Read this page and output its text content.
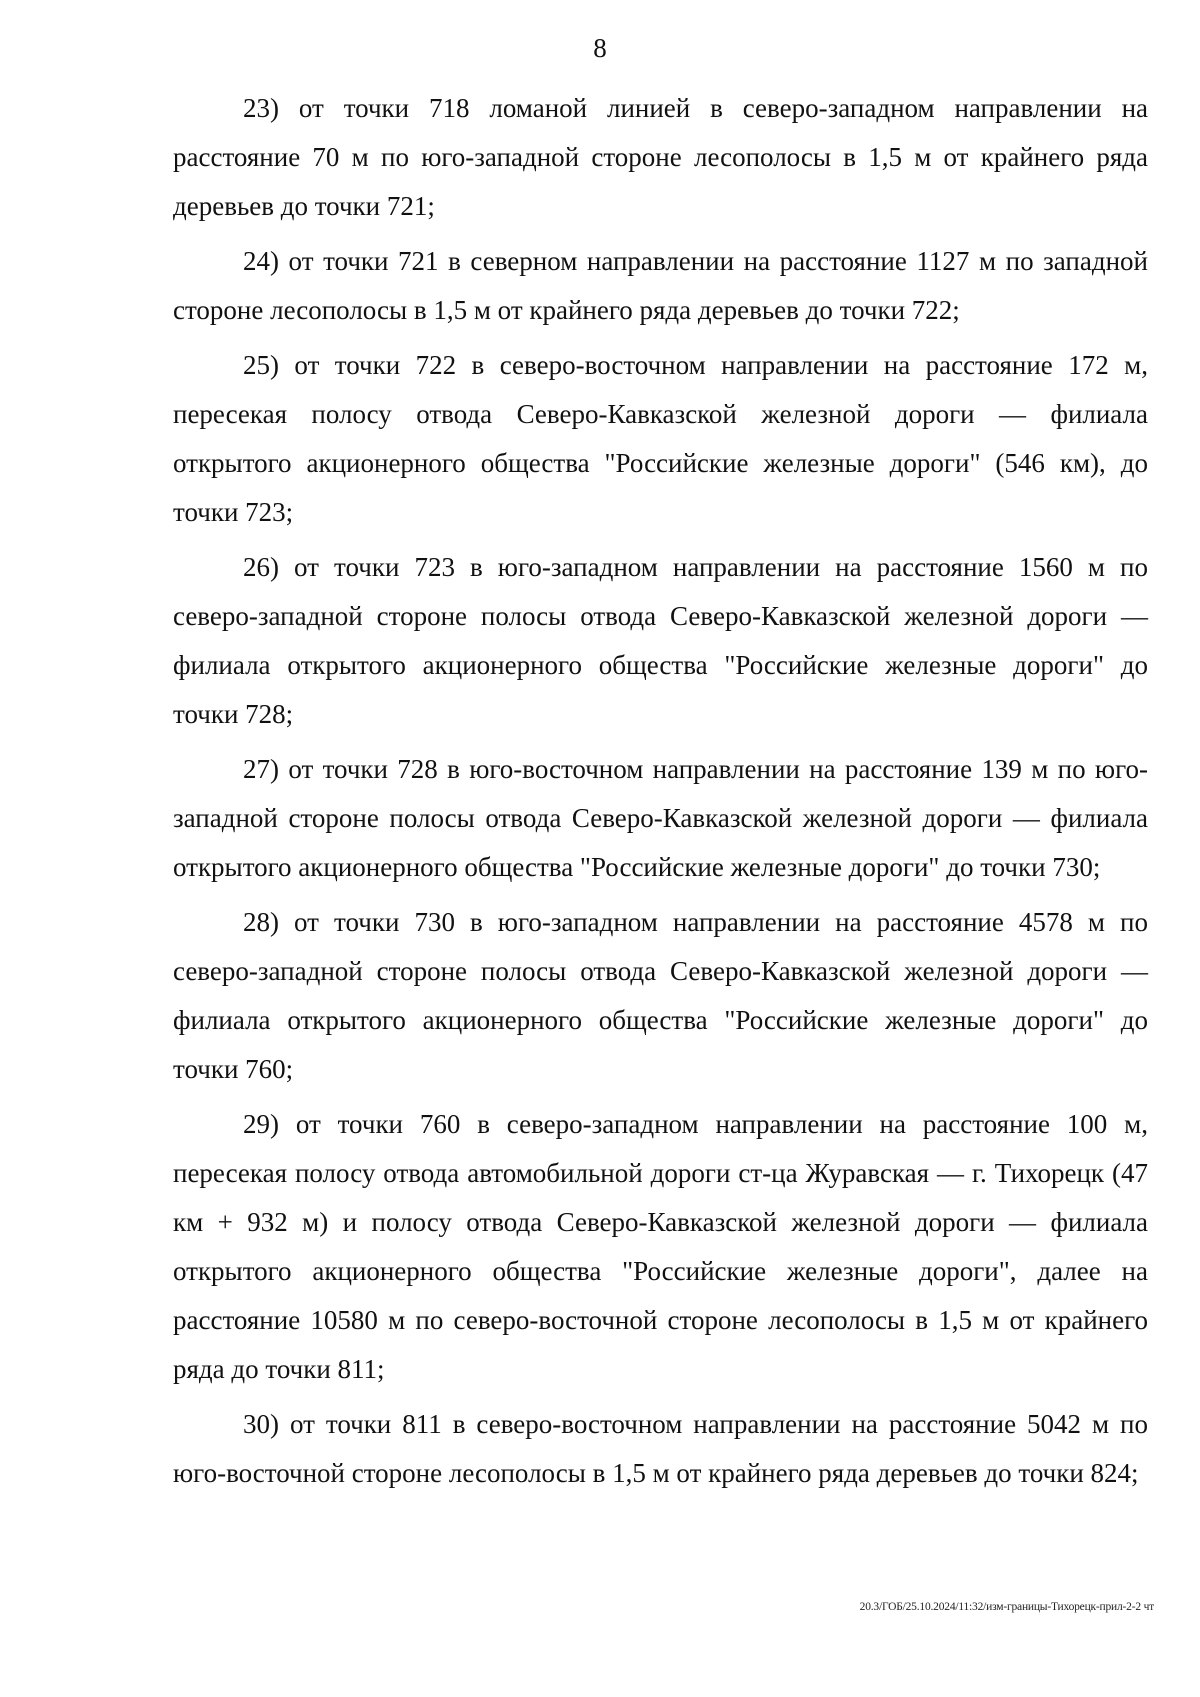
8

23) от точки 718 ломаной линией в северо-западном направлении на расстояние 70 м по юго-западной стороне лесополосы в 1,5 м от крайнего ряда деревьев до точки 721;

24) от точки 721 в северном направлении на расстояние 1127 м по западной стороне лесополосы в 1,5 м от крайнего ряда деревьев до точки 722;

25) от точки 722 в северо-восточном направлении на расстояние 172 м, пересекая полосу отвода Северо-Кавказской железной дороги — филиала открытого акционерного общества "Российские железные дороги" (546 км), до точки 723;

26) от точки 723 в юго-западном направлении на расстояние 1560 м по северо-западной стороне полосы отвода Северо-Кавказской железной дороги — филиала открытого акционерного общества "Российские железные дороги" до точки 728;

27) от точки 728 в юго-восточном направлении на расстояние 139 м по юго-западной стороне полосы отвода Северо-Кавказской железной дороги — филиала открытого акционерного общества "Российские железные дороги" до точки 730;

28) от точки 730 в юго-западном направлении на расстояние 4578 м по северо-западной стороне полосы отвода Северо-Кавказской железной дороги — филиала открытого акционерного общества "Российские железные дороги" до точки 760;

29) от точки 760 в северо-западном направлении на расстояние 100 м, пересекая полосу отвода автомобильной дороги ст-ца Журавская — г. Тихорецк (47 км + 932 м) и полосу отвода Северо-Кавказской железной дороги — филиала открытого акционерного общества "Российские железные дороги", далее на расстояние 10580 м по северо-восточной стороне лесополосы в 1,5 м от крайнего ряда до точки 811;

30) от точки 811 в северо-восточном направлении на расстояние 5042 м по юго-восточной стороне лесополосы в 1,5 м от крайнего ряда деревьев до точки 824;

20.3/ГОБ/25.10.2024/11:32/изм-границы-Тихорецк-прил-2-2 чт
